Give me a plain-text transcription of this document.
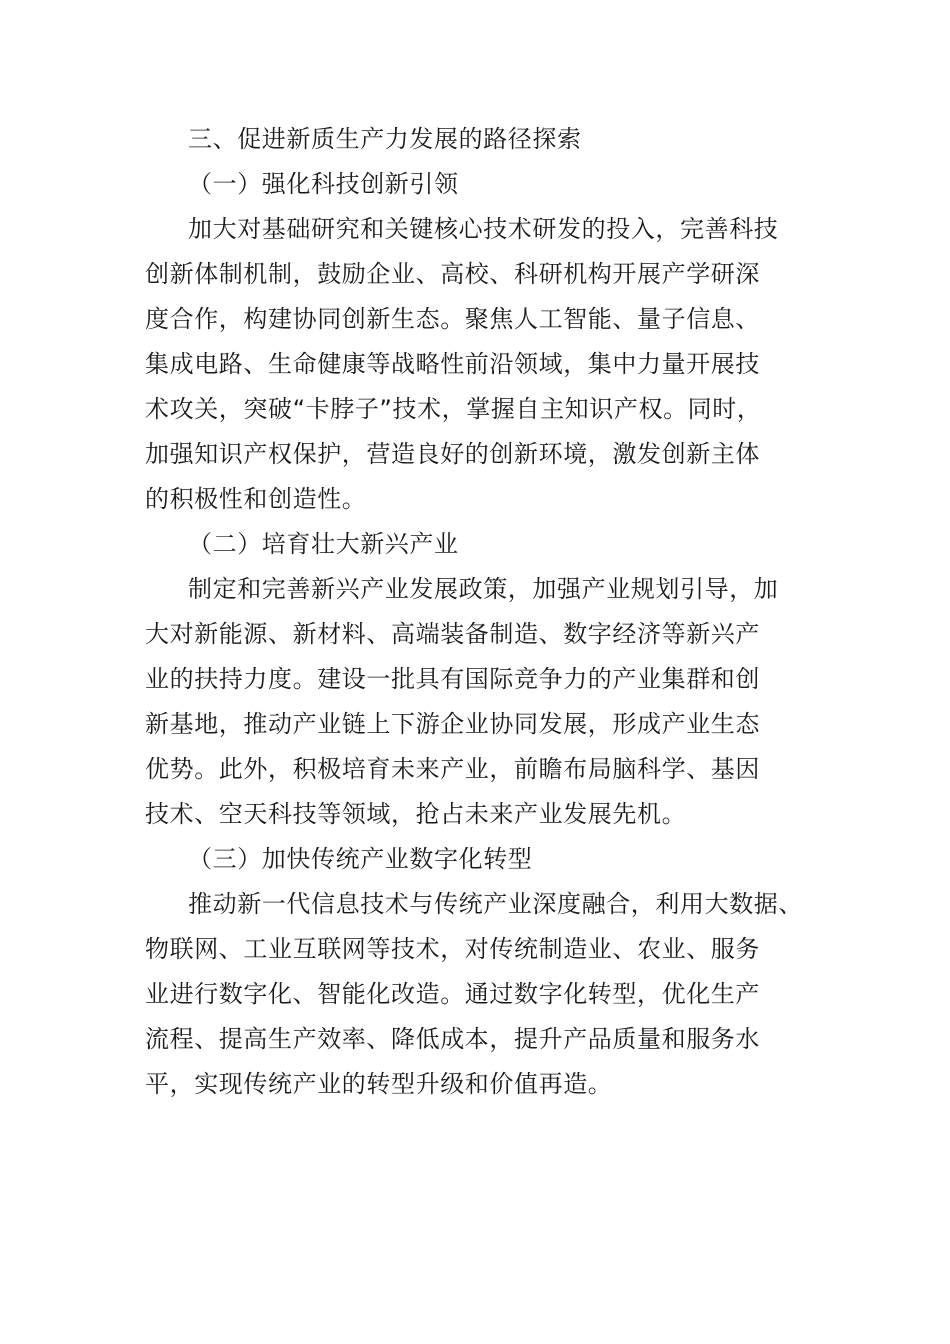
三、促进新质生产力发展的路径探索
（一）强化科技创新引领
加大对基础研究和关键核心技术研发的投入，完善科技
创新体制机制，鼓励企业、高校、科研机构开展产学研深
度合作，构建协同创新生态。聚焦人工智能、量子信息、
集成电路、生命健康等战略性前沿领域，集中力量开展技
术攻关，突破“卡脖子”技术，掌握自主知识产权。同时，
加强知识产权保护，营造良好的创新环境，激发创新主体
的积极性和创造性。
（二）培育壮大新兴产业
制定和完善新兴产业发展政策，加强产业规划引导，加
大对新能源、新材料、高端装备制造、数字经济等新兴产
业的扶持力度。建设一批具有国际竞争力的产业集群和创
新基地，推动产业链上下游企业协同发展，形成产业生态
优势。此外，积极培育未来产业，前瞻布局脑科学、基因
技术、空天科技等领域，抢占未来产业发展先机。
（三）加快传统产业数字化转型
推动新一代信息技术与传统产业深度融合，利用大数据、
物联网、工业互联网等技术，对传统制造业、农业、服务
业进行数字化、智能化改造。通过数字化转型，优化生产
流程、提高生产效率、降低成本，提升产品质量和服务水
平，实现传统产业的转型升级和价值再造。
